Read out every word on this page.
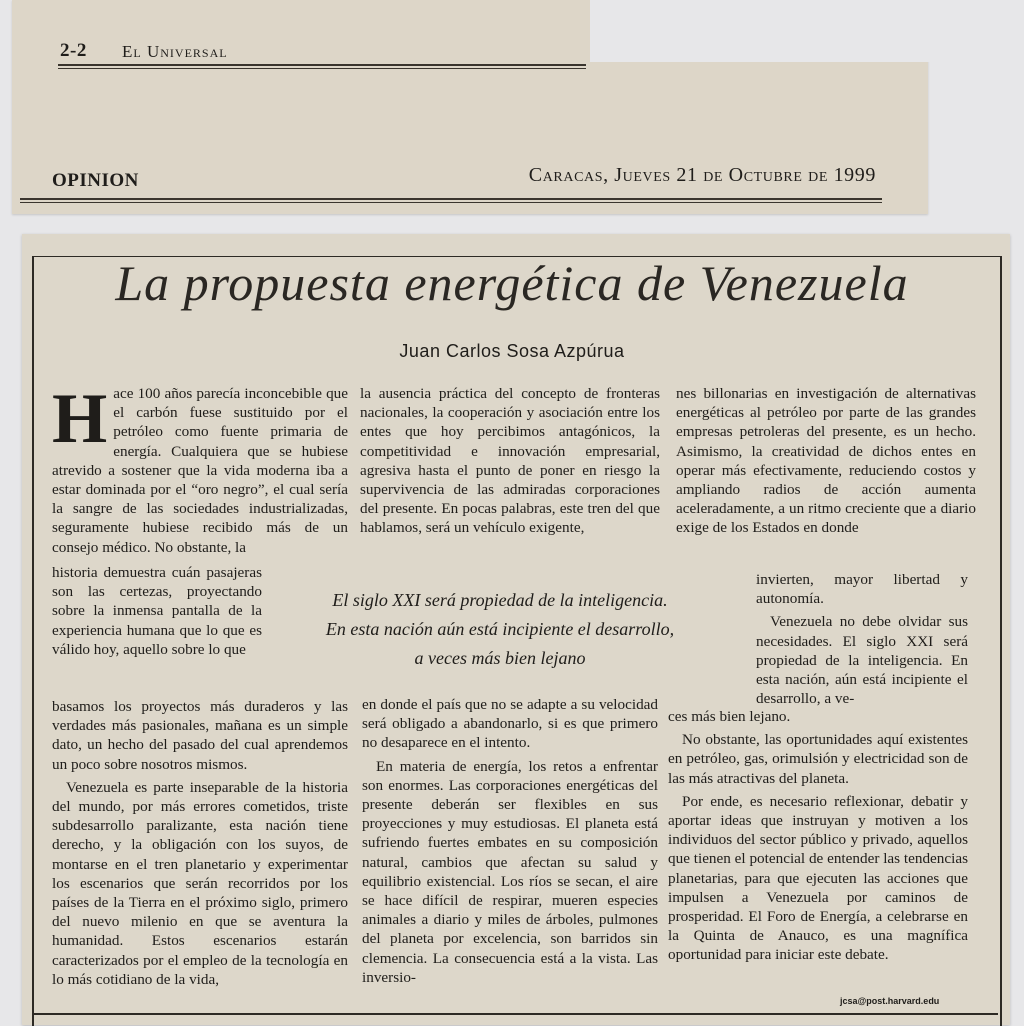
2-2 El Universal
OPINION	Caracas, Jueves 21 de Octubre de 1999
La propuesta energética de Venezuela
Juan Carlos Sosa Azpúrua

Hace 100 años parecía inconcebible que el carbón fuese sustituido por el petróleo como fuente primaria de energía. Cualquiera que se hubiese atrevido a sostener que la vida moderna iba a estar dominada por el “oro negro”, el cual sería la sangre de las sociedades industrializadas, seguramente hubiese recibido más de un consejo médico. No obstante, la

historia demuestra cuán pasajeras son las certezas, proyectando sobre la inmensa pantalla de la experiencia humana que lo que es válido hoy, aquello sobre lo que

basamos los proyectos más duraderos y las verdades más pasionales, mañana es un simple dato, un hecho del pasado del cual aprendemos un poco sobre nosotros mismos.

Venezuela es parte inseparable de la historia del mundo, por más errores cometidos, triste subdesarrollo paralizante, esta nación tiene derecho, y la obligación con los suyos, de montarse en el tren planetario y experimentar los escenarios que serán recorridos por los países de la Tierra en el próximo siglo, primero del nuevo milenio en que se aventura la humanidad. Estos escenarios estarán caracterizados por el empleo de la tecnología en lo más cotidiano de la vida,

la ausencia práctica del concepto de fronteras nacionales, la cooperación y asociación entre los entes que hoy percibimos antagónicos, la competitividad e innovación empresarial, agresiva hasta el punto de poner en riesgo la supervivencia de las admiradas corporaciones del presente. En pocas palabras, este tren del que hablamos, será un vehículo exigente,

en donde el país que no se adapte a su velocidad será obligado a abandonarlo, si es que primero no desaparece en el intento.

En materia de energía, los retos a enfrentar son enormes. Las corporaciones energéticas del presente deberán ser flexibles en sus proyecciones y muy estudiosas. El planeta está sufriendo fuertes embates en su composición natural, cambios que afectan su salud y equilibrio existencial. Los ríos se secan, el aire se hace difícil de respirar, mueren especies animales a diario y miles de árboles, pulmones del planeta por excelencia, son barridos sin clemencia. La consecuencia está a la vista. Las inversio-

nes billonarias en investigación de alternativas energéticas al petróleo por parte de las grandes empresas petroleras del presente, es un hecho. Asimismo, la creatividad de dichos entes en operar más efectivamente, reduciendo costos y ampliando radios de acción aumenta aceleradamente, a un ritmo creciente que a diario exige de los Estados en donde

invierten, mayor libertad y autonomía.

Venezuela no debe olvidar sus necesidades. El siglo XXI será propiedad de la inteligencia. En esta nación, aún está incipiente el desarrollo, a ve-

ces más bien lejano.

No obstante, las oportunidades aquí existentes en petróleo, gas, orimulsión y electricidad son de las más atractivas del planeta.

Por ende, es necesario reflexionar, debatir y aportar ideas que instruyan y motiven a los individuos del sector público y privado, aquellos que tienen el potencial de entender las tendencias planetarias, para que ejecuten las acciones que impulsen a Venezuela por caminos de prosperidad. El Foro de Energía, a celebrarse en la Quinta de Anauco, es una magnífica oportunidad para iniciar este debate.

El siglo XXI será propiedad de la inteligencia.
En esta nación aún está incipiente el desarrollo,
a veces más bien lejano
jcsa@post.harvard.edu
